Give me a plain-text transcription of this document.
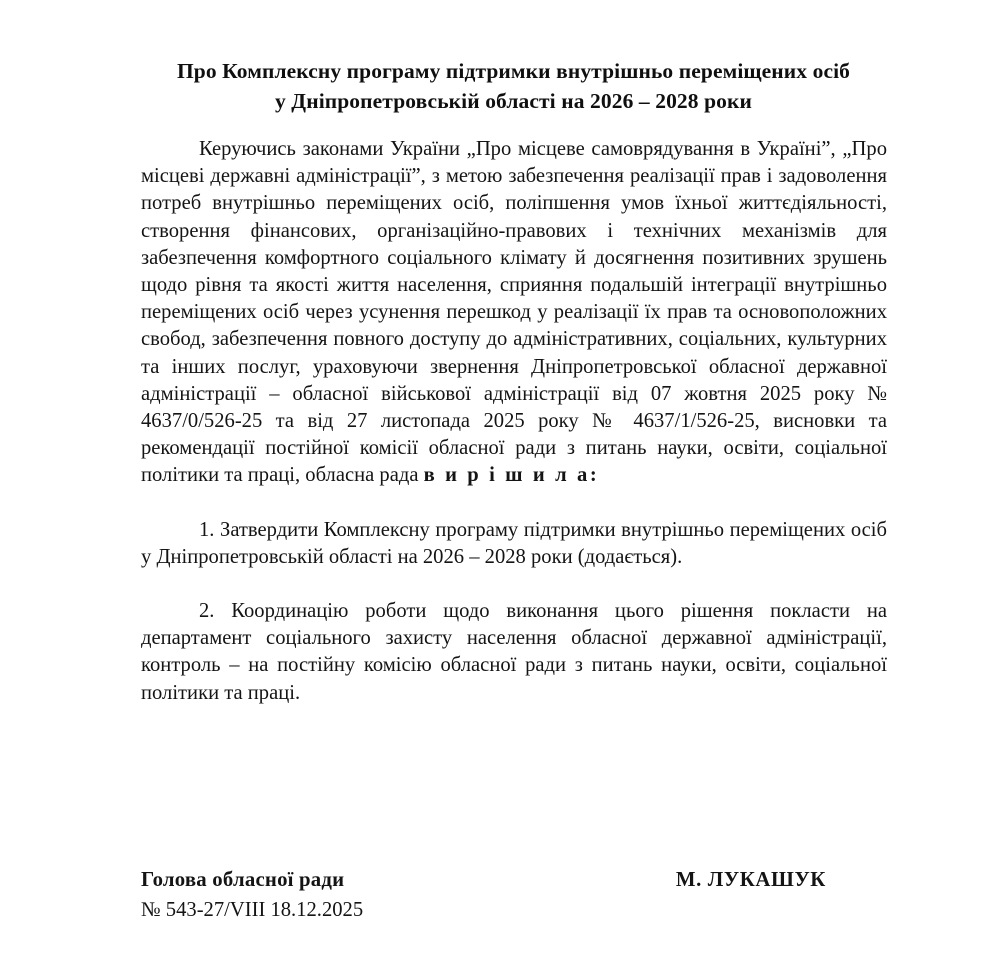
Про Комплексну програму підтримки внутрішньо переміщених осіб
у Дніпропетровській області на 2026 – 2028 роки

Керуючись законами України „Про місцеве самоврядування в Україні”, „Про місцеві державні адміністрації”, з метою забезпечення реалізації прав і задоволення потреб внутрішньо переміщених осіб, поліпшення умов їхньої життєдіяльності, створення фінансових, організаційно-правових і технічних механізмів для забезпечення комфортного соціального клімату й досягнення позитивних зрушень щодо рівня та якості життя населення, сприяння подальшій інтеграції внутрішньо переміщених осіб через усунення перешкод у реалізації їх прав та основоположних свобод, забезпечення повного доступу до адміністративних, соціальних, культурних та інших послуг, ураховуючи звернення Дніпропетровської обласної державної адміністрації – обласної військової адміністрації від 07 жовтня 2025 року № 4637/0/526-25 та від 27 листопада 2025 року № 4637/1/526-25, висновки та рекомендації постійної комісії обласної ради з питань науки, освіти, соціальної політики та праці, обласна рада в и р і ш и л а:

1. Затвердити Комплексну програму підтримки внутрішньо переміщених осіб у Дніпропетровській області на 2026 – 2028 роки (додається).

2. Координацію роботи щодо виконання цього рішення покласти на департамент соціального захисту населення обласної державної адміністрації, контроль – на постійну комісію обласної ради з питань науки, освіти, соціальної політики та праці.

Голова обласної ради	М. ЛУКАШУК
№ 543-27/VIII 18.12.2025
